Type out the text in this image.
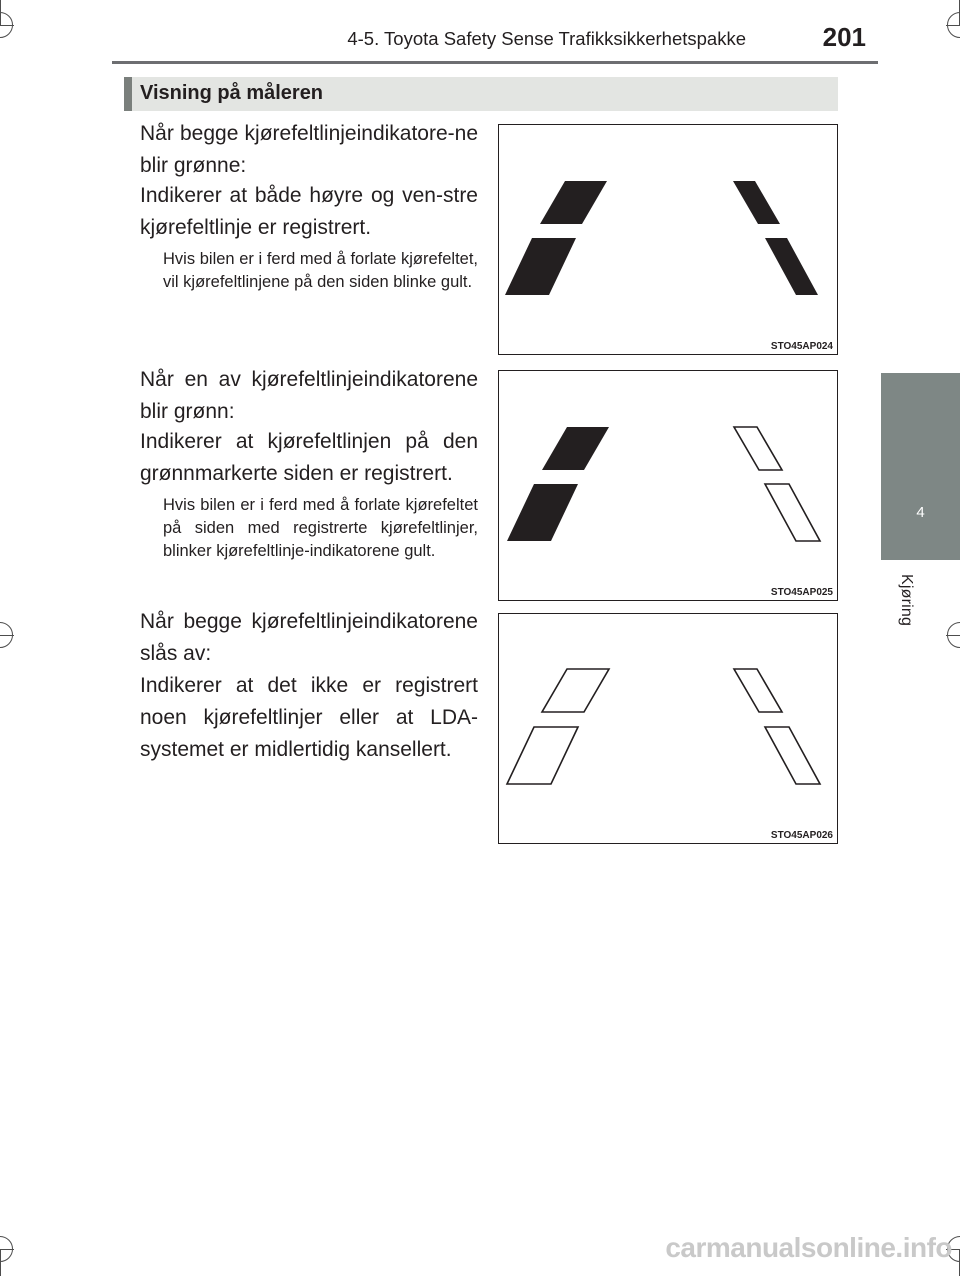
4-5. Toyota Safety Sense Trafikksikkerhetspakke	201
4
Kjøring
Visning på måleren
Når begge kjørefeltlinjeindikatore-ne blir grønne:
Indikerer at både høyre og ven-stre kjørefeltlinje er registrert.
Hvis bilen er i ferd med å forlate kjørefeltet, vil kjørefeltlinjene på den siden blinke gult.
STO45AP024
Når en av kjørefeltlinjeindikatorene blir grønn:
Indikerer at kjørefeltlinjen på den grønnmarkerte siden er registrert.
Hvis bilen er i ferd med å forlate kjørefeltet på siden med registrerte kjørefeltlinjer, blinker kjørefeltlinje-indikatorene gult.
STO45AP025
Når begge kjørefeltlinjeindikatorene slås av:
Indikerer at det ikke er registrert noen kjørefeltlinjer eller at LDA-systemet er midlertidig kansellert.
STO45AP026
carmanualsonline.info
